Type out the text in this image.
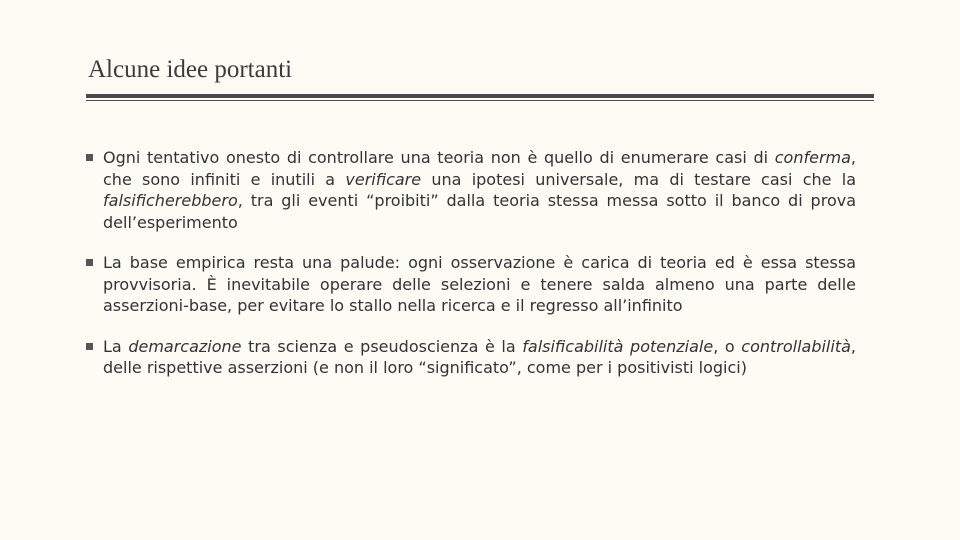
Alcune idee portanti
Ogni tentativo onesto di controllare una teoria non è quello di enumerare casi di conferma, che sono infiniti e inutili a verificare una ipotesi universale, ma di testare casi che la falsificherebbero, tra gli eventi “proibiti” dalla teoria stessa messa sotto il banco di prova dell’esperimento
La base empirica resta una palude: ogni osservazione è carica di teoria ed è essa stessa provvisoria. È inevitabile operare delle selezioni e tenere salda almeno una parte delle asserzioni-base, per evitare lo stallo nella ricerca e il regresso all’infinito
La demarcazione tra scienza e pseudoscienza è la falsificabilità potenziale, o controllabilità, delle rispettive asserzioni (e non il loro “significato”, come per i positivisti logici)
